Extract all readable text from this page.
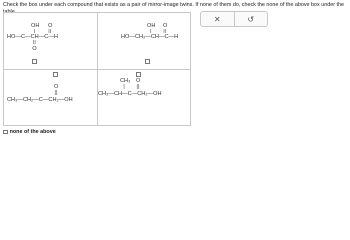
Check the box under each compound that exists as a pair of mirror-image twins. If none of them do, check the none of the above box under the table.
OH O
HO—C—CH—C—H
O
OH O
HO—CH₂—CH—C—H
O
CH₃—CH₂—C—CH₂—OH
CH₃ O
CH₃—CH—C—CH₂—OH
none of the above
✕	↺
